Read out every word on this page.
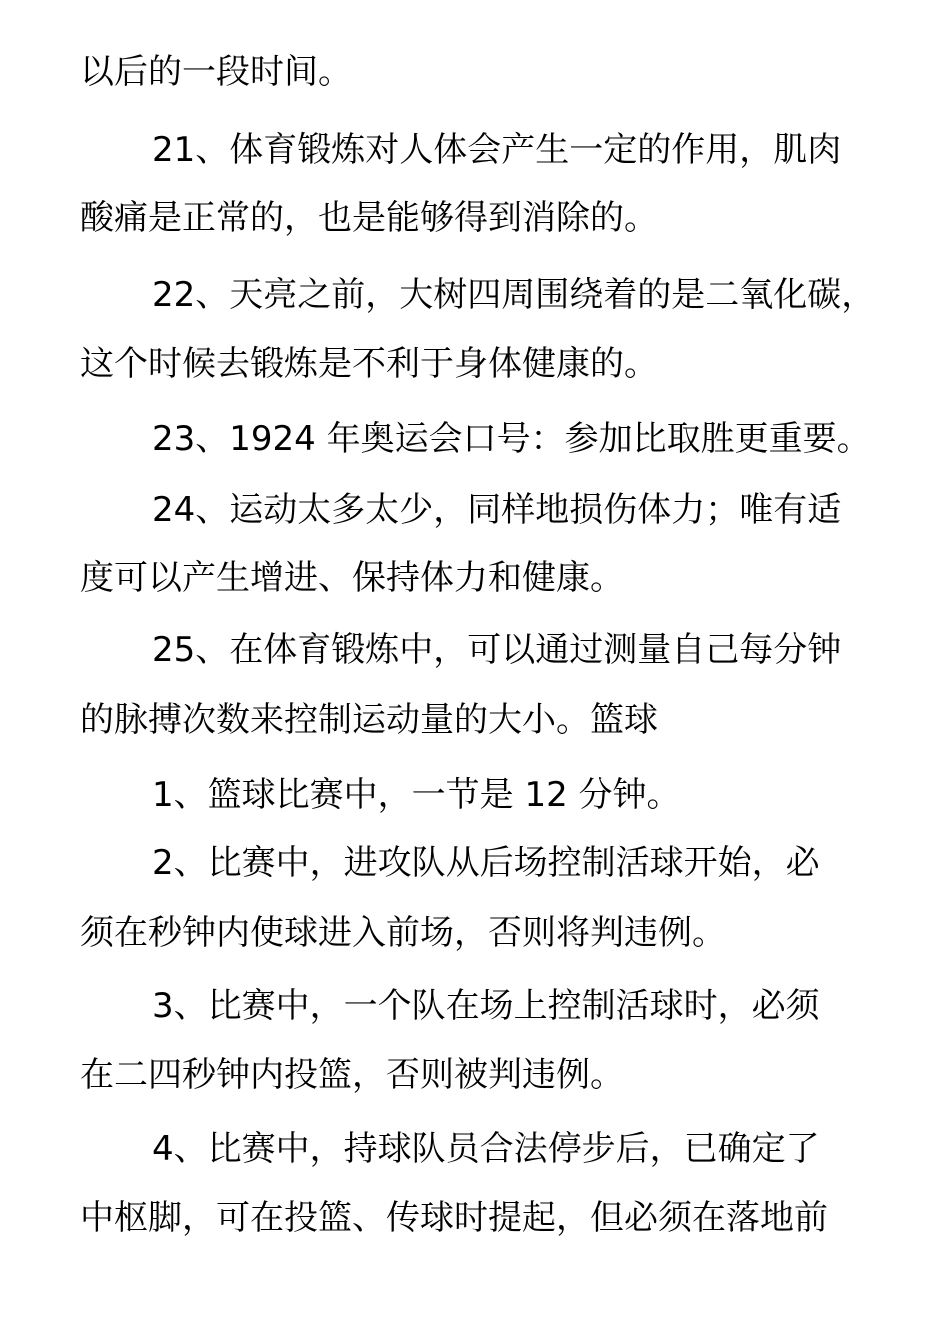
以后的一段时间。

21、体育锻炼对人体会产生一定的作用，肌肉

酸痛是正常的，也是能够得到消除的。

22、天亮之前，大树四周围绕着的是二氧化碳，

这个时候去锻炼是不利于身体健康的。

23、1924 年奥运会口号：参加比取胜更重要。

24、运动太多太少，同样地损伤体力；唯有适

度可以产生增进、保持体力和健康。

25、在体育锻炼中，可以通过测量自己每分钟

的脉搏次数来控制运动量的大小。篮球

1、篮球比赛中，一节是 12 分钟。

2、比赛中，进攻队从后场控制活球开始，必

须在秒钟内使球进入前场，否则将判违例。

3、比赛中，一个队在场上控制活球时，必须

在二四秒钟内投篮，否则被判违例。

4、比赛中，持球队员合法停步后，已确定了

中枢脚，可在投篮、传球时提起，但必须在落地前
